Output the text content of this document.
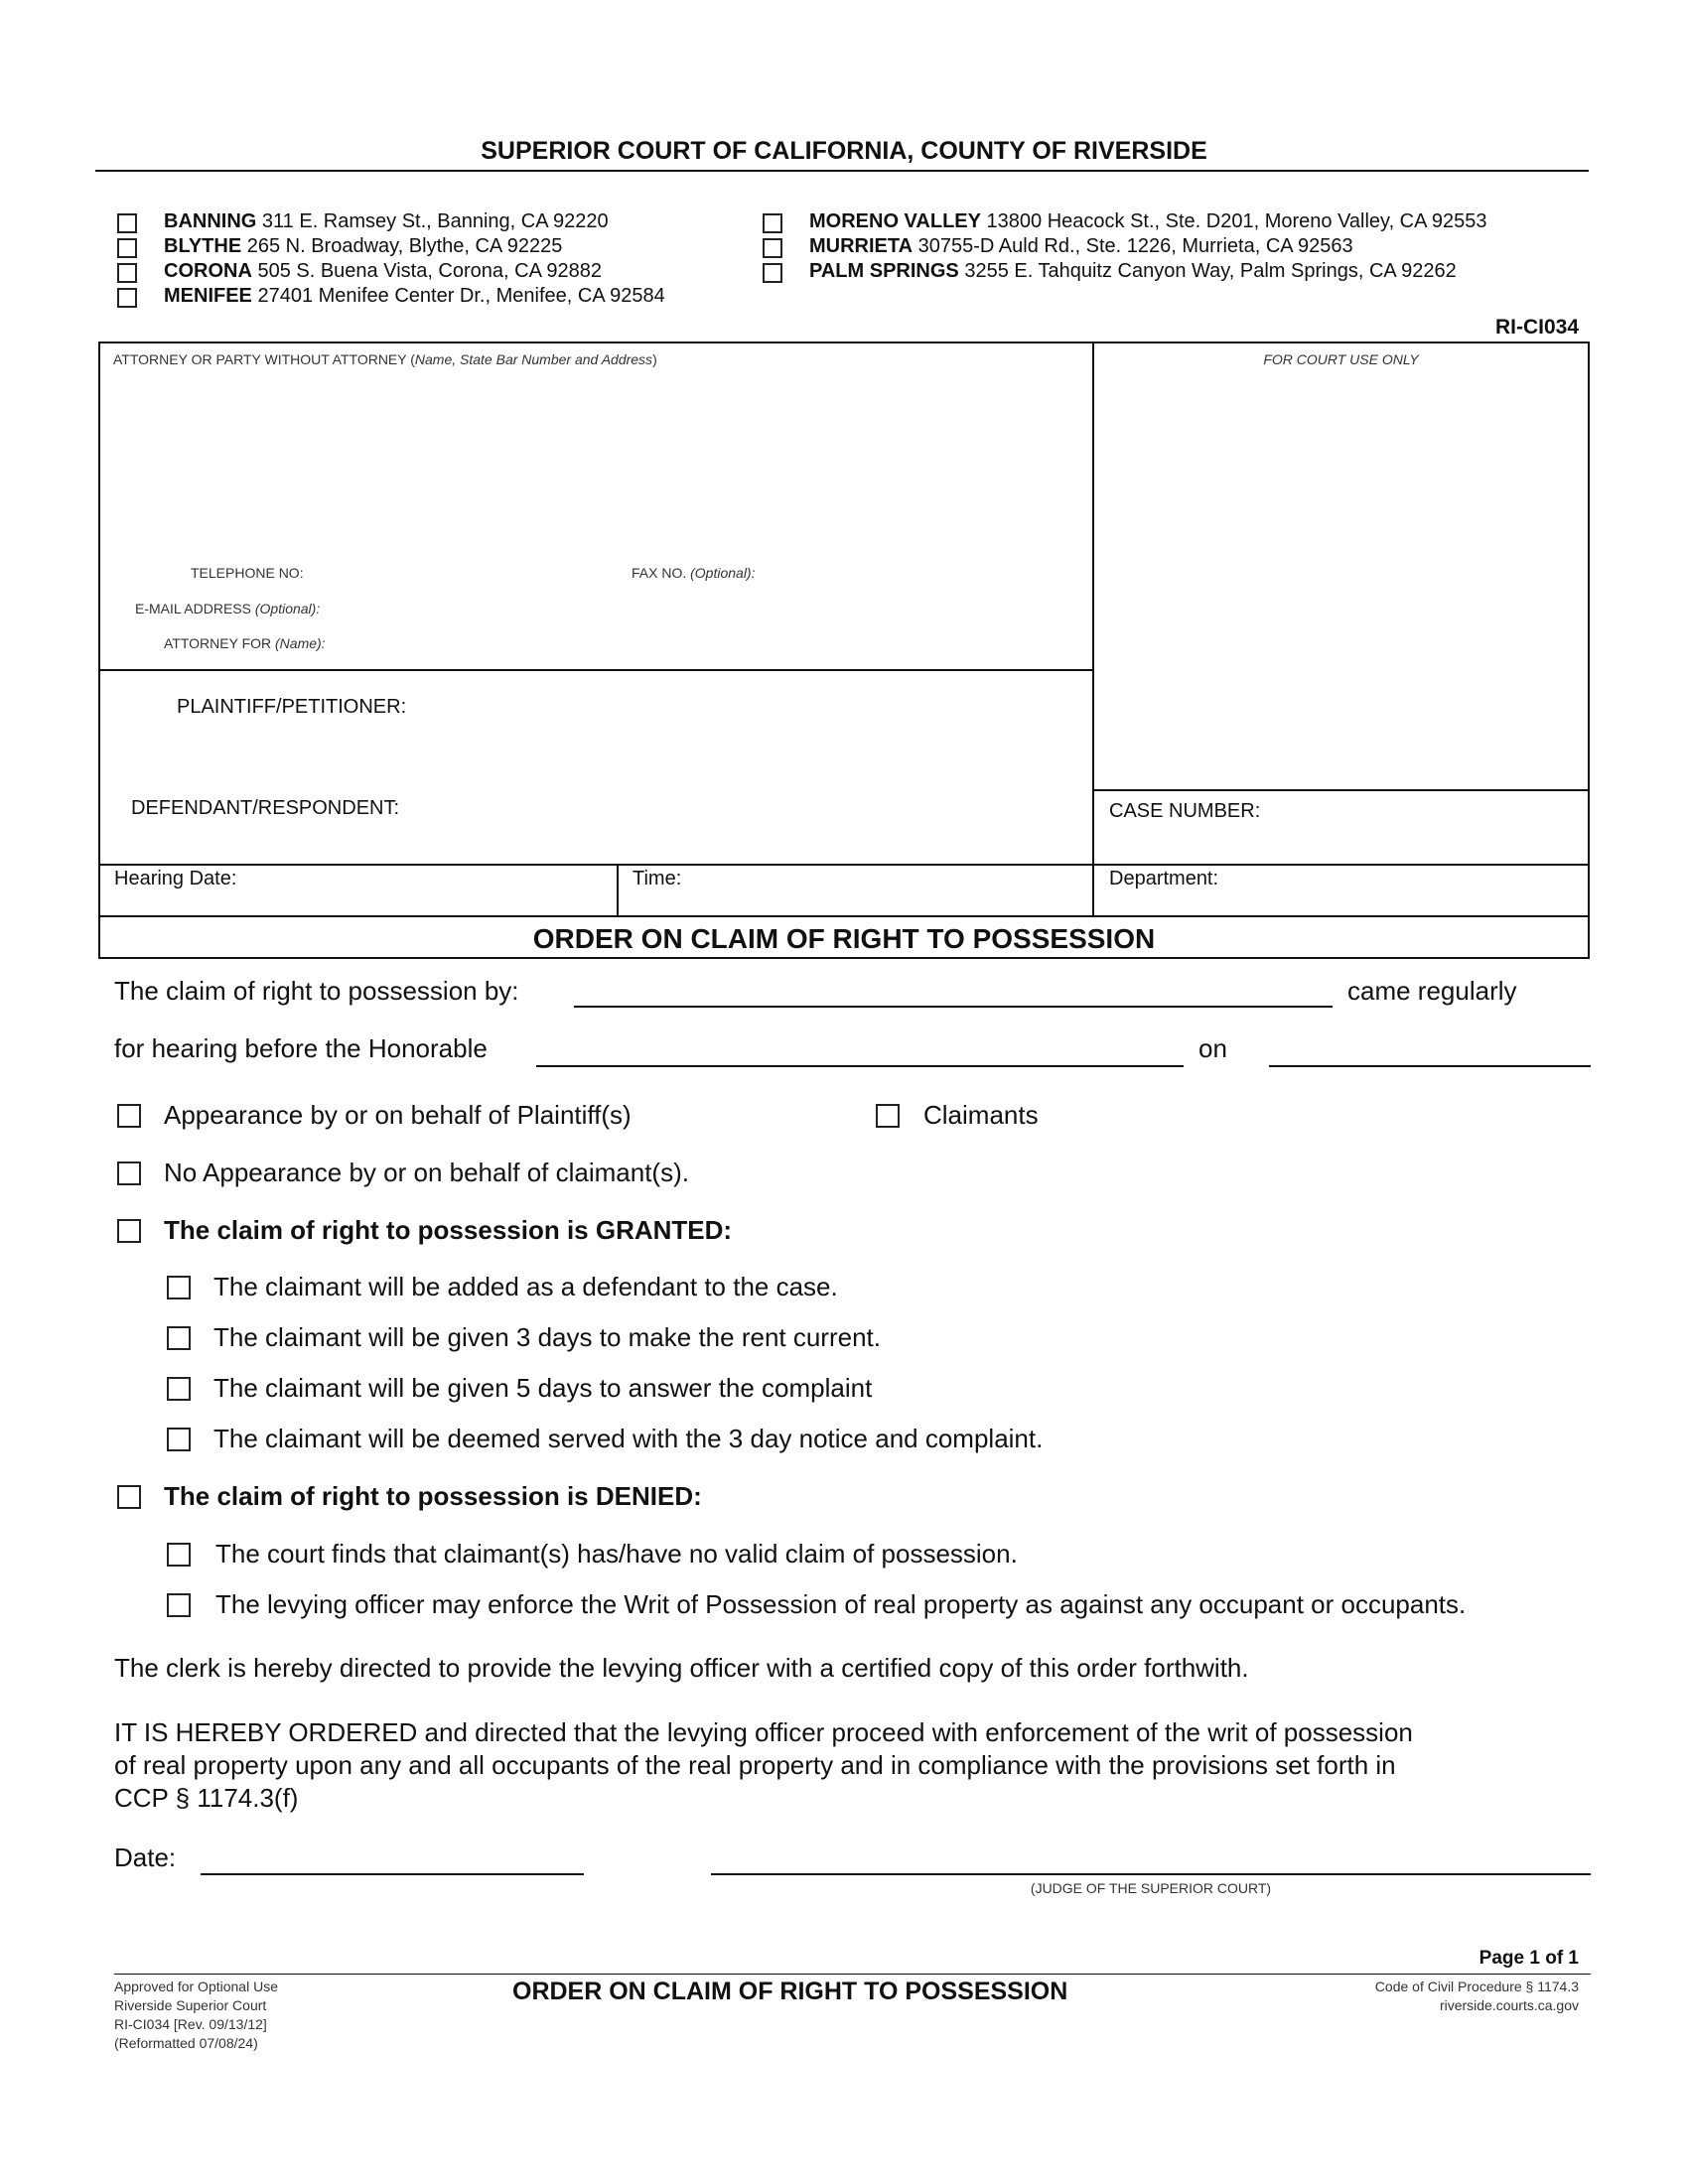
SUPERIOR COURT OF CALIFORNIA, COUNTY OF RIVERSIDE
BANNING 311 E. Ramsey St., Banning, CA 92220
BLYTHE 265 N. Broadway, Blythe, CA 92225
CORONA 505 S. Buena Vista, Corona, CA 92882
MENIFEE 27401 Menifee Center Dr., Menifee, CA 92584
MORENO VALLEY 13800 Heacock St., Ste. D201, Moreno Valley, CA 92553
MURRIETA 30755-D Auld Rd., Ste. 1226, Murrieta, CA 92563
PALM SPRINGS 3255 E. Tahquitz Canyon Way, Palm Springs, CA 92262
RI-CI034
ATTORNEY OR PARTY WITHOUT ATTORNEY (Name, State Bar Number and Address)	FOR COURT USE ONLY
TELEPHONE NO:	FAX NO. (Optional):
E-MAIL ADDRESS (Optional):
ATTORNEY FOR (Name):
PLAINTIFF/PETITIONER:
DEFENDANT/RESPONDENT:	CASE NUMBER:
Hearing Date:	Time:	Department:
ORDER ON CLAIM OF RIGHT TO POSSESSION
The claim of right to possession by:	came regularly
for hearing before the Honorable	on
Appearance by or on behalf of Plaintiff(s)	Claimants
No Appearance by or on behalf of claimant(s).
The claim of right to possession is GRANTED:
The claimant will be added as a defendant to the case.
The claimant will be given 3 days to make the rent current.
The claimant will be given 5 days to answer the complaint
The claimant will be deemed served with the 3 day notice and complaint.
The claim of right to possession is DENIED:
The court finds that claimant(s) has/have no valid claim of possession.
The levying officer may enforce the Writ of Possession of real property as against any occupant or occupants.
The clerk is hereby directed to provide the levying officer with a certified copy of this order forthwith.
IT IS HEREBY ORDERED and directed that the levying officer proceed with enforcement of the writ of possession
of real property upon any and all occupants of the real property and in compliance with the provisions set forth in
CCP § 1174.3(f)
Date:
(JUDGE OF THE SUPERIOR COURT)
Page 1 of 1
Approved for Optional Use
Riverside Superior Court
RI-CI034 [Rev. 09/13/12]
(Reformatted 07/08/24)
ORDER ON CLAIM OF RIGHT TO POSSESSION	Code of Civil Procedure § 1174.3
riverside.courts.ca.gov
